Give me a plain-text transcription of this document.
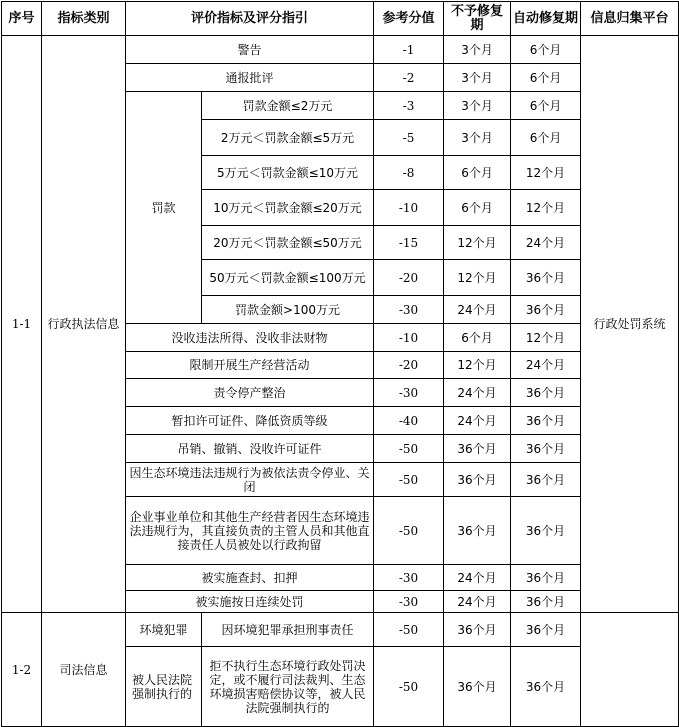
序号	指标类别	评价指标及评分指引		参考分值	不予修复期	自动修复期	信息归集平台
1-1	行政执法信息	警告		-1	3个月	6个月	行政处罚系统
		通报批评		-2	3个月	6个月	
		罚款	罚款金额≤2万元	-3	3个月	6个月	
			2万元＜罚款金额≤5万元	-5	3个月	6个月	
			5万元＜罚款金额≤10万元	-8	6个月	12个月	
			10万元＜罚款金额≤20万元	-10	6个月	12个月	
			20万元＜罚款金额≤50万元	-15	12个月	24个月	
			50万元＜罚款金额≤100万元	-20	12个月	36个月	
			罚款金额>100万元	-30	24个月	36个月	
		没收违法所得、没收非法财物		-10	6个月	12个月	
		限制开展生产经营活动		-20	12个月	24个月	
		责令停产整治		-30	24个月	36个月	
		暂扣许可证件、降低资质等级		-40	24个月	36个月	
		吊销、撤销、没收许可证件		-50	36个月	36个月	
		因生态环境违法违规行为被依法责令停业、关闭		-50	36个月	36个月	
		企业事业单位和其他生产经营者因生态环境违法违规行为，其直接负责的主管人员和其他直接责任人员被处以行政拘留		-50	36个月	36个月	
		被实施查封、扣押		-30	24个月	36个月	
		被实施按日连续处罚		-30	24个月	36个月	
1-2	司法信息	环境犯罪	因环境犯罪承担刑事责任	-50	36个月	36个月	
		被人民法院强制执行的	拒不执行生态环境行政处罚决定，或不履行司法裁判、生态环境损害赔偿协议等，被人民法院强制执行的	-50	36个月	36个月	
